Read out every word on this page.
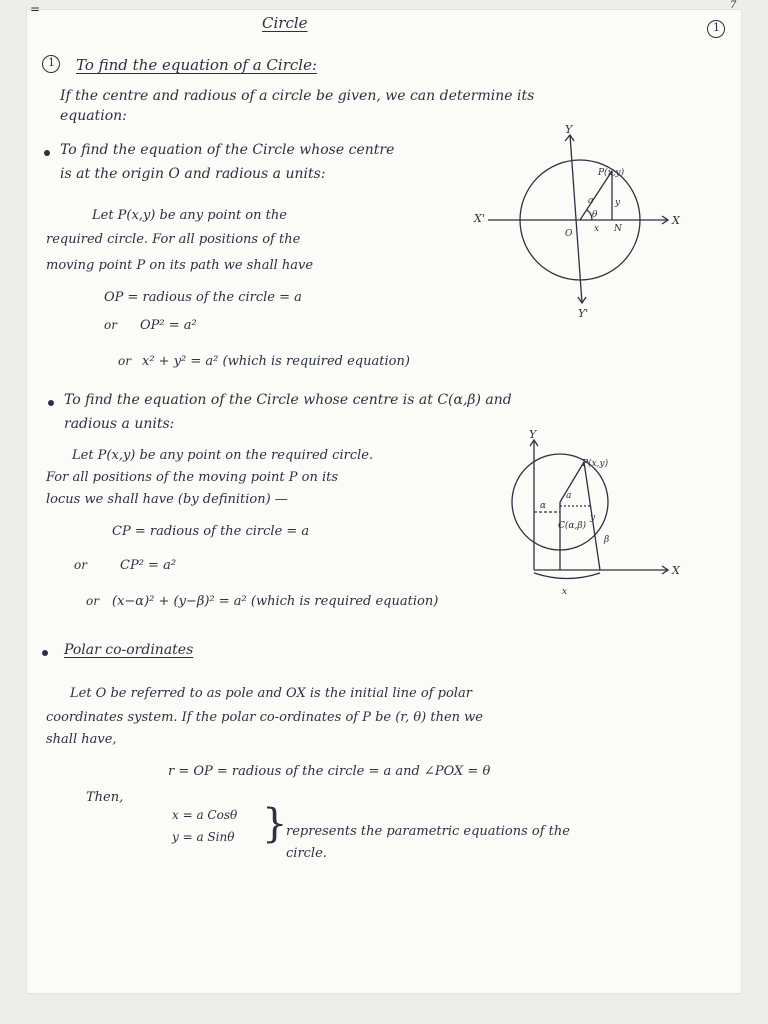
=
Circle	1
7
1 To find the equation of a Circle:
If the centre and radious of a circle be given, we can determine its
equation:
To find the equation of the Circle whose centre
is at the origin O and radious a units:
Let P(x,y) be any point on the
required circle. For all positions of the
moving point P on its path we shall have
OP = radious of the circle = a
or OP² = a²
or x² + y² = a² (which is required equation)
Y
Y'
X
X'
O
P(x,y)
a
θ
y
x N
To find the equation of the Circle whose centre is at C(α,β) and
radious a units:
Let P(x,y) be any point on the required circle.
For all positions of the moving point P on its
locus we shall have (by definition) —
CP = radious of the circle = a
or	CP² = a²
or (x−α)² + (y−β)² = a² (which is required equation)
Y
X
P(x,y)
C(α,β)
a
α
β
x
y
Polar co-ordinates
Let O be referred to as pole and OX is the initial line of polar
coordinates system. If the polar co-ordinates of P be (r, θ) then we
shall have,
r = OP = radious of the circle = a and ∠POX = θ
Then,
x = a Cosθ
y = a Sinθ }
represents the parametric equations of the
circle.
